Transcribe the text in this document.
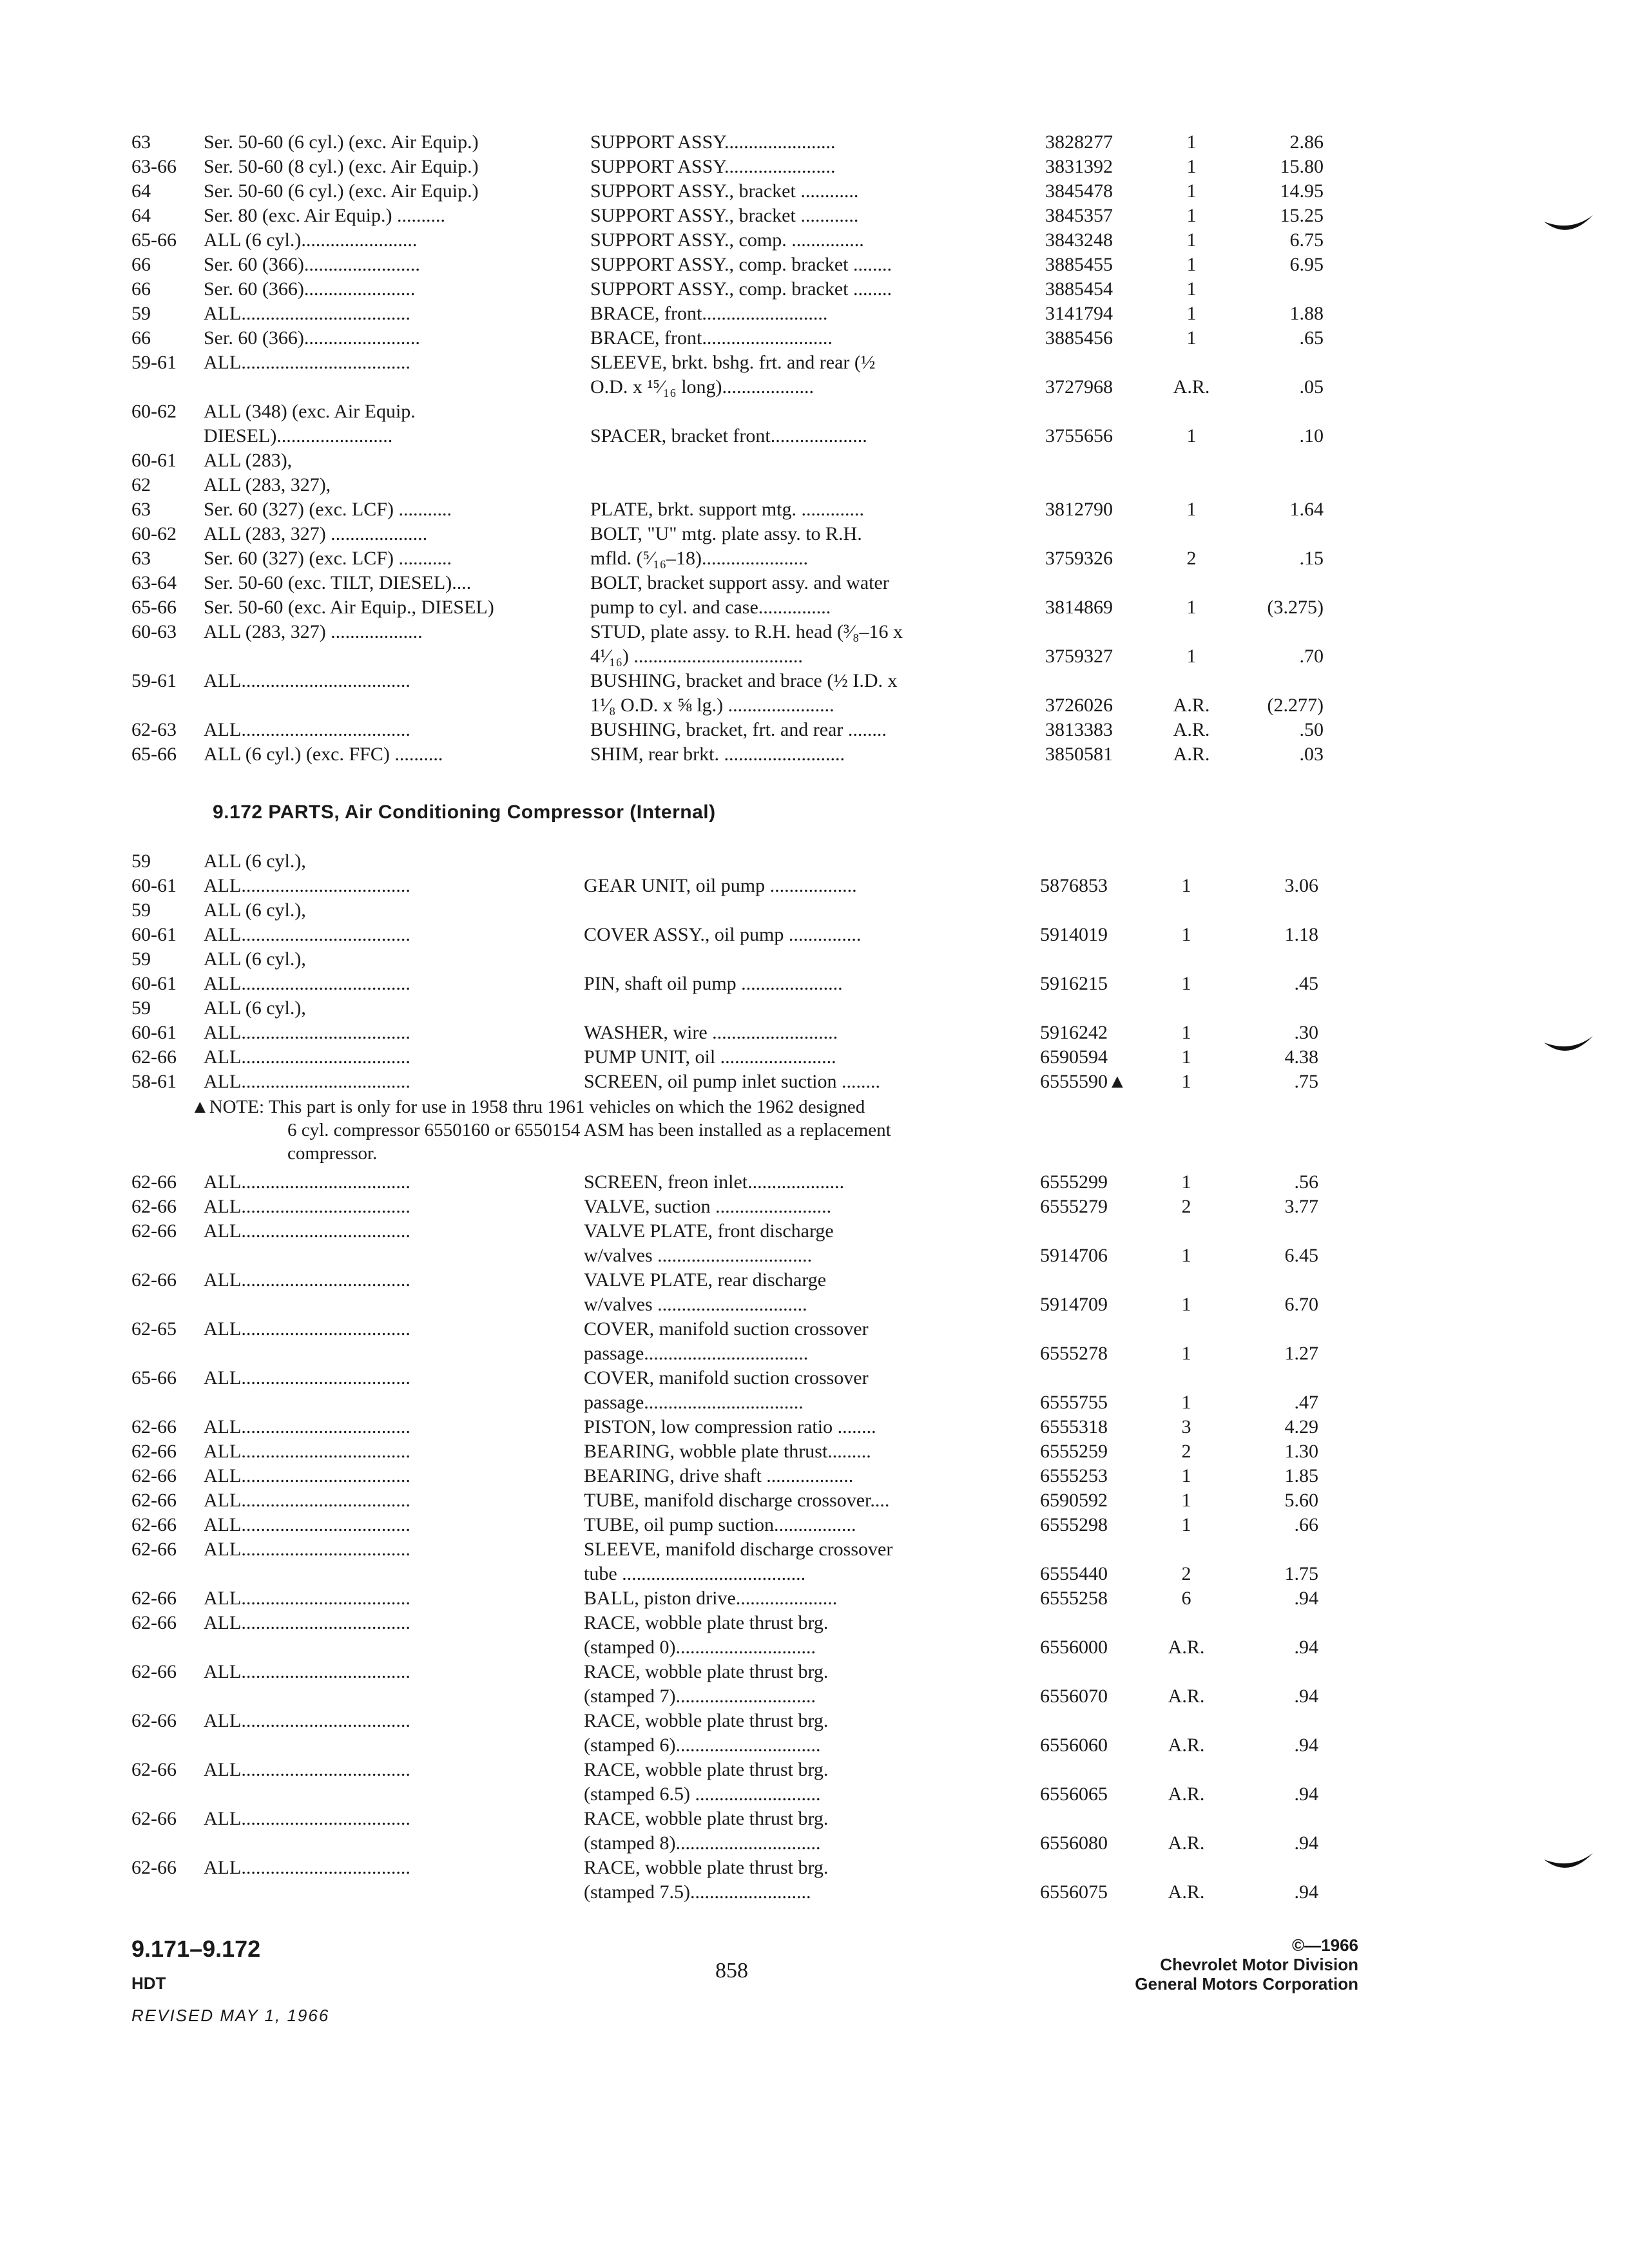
63	Ser. 50-60 (6 cyl.) (exc. Air Equip.)	SUPPORT ASSY.......................	3828277	1	2.86
63-66	Ser. 50-60 (8 cyl.) (exc. Air Equip.)	SUPPORT ASSY.......................	3831392	1	15.80
64	Ser. 50-60 (6 cyl.) (exc. Air Equip.)	SUPPORT ASSY., bracket ............	3845478	1	14.95
64	Ser. 80 (exc. Air Equip.) ..........	SUPPORT ASSY., bracket ............	3845357	1	15.25
65-66	ALL (6 cyl.)........................	SUPPORT ASSY., comp. ...............	3843248	1	6.75
66	Ser. 60 (366)........................	SUPPORT ASSY., comp. bracket ........	3885455	1	6.95
66	Ser. 60 (366).......................	SUPPORT ASSY., comp. bracket ........	3885454	1
59	ALL...................................	BRACE, front..........................	3141794	1	1.88
66	Ser. 60 (366)........................	BRACE, front...........................	3885456	1	.65
59-61	ALL...................................	SLEEVE, brkt. bshg. frt. and rear (½
O.D. x ¹⁵⁄₁₆ long)...................	3727968	A.R.	.05
60-62	ALL (348) (exc. Air Equip.
DIESEL)........................	SPACER, bracket front....................	3755656	1	.10
60-61	ALL (283),
62	ALL (283, 327),
63	Ser. 60 (327) (exc. LCF) ...........	PLATE, brkt. support mtg. .............	3812790	1	1.64
60-62	ALL (283, 327) ....................	BOLT, "U" mtg. plate assy. to R.H.
63	Ser. 60 (327) (exc. LCF) ...........	mfld. (⁵⁄₁₆–18)......................	3759326	2	.15
63-64	Ser. 50-60 (exc. TILT, DIESEL)....	BOLT, bracket support assy. and water
65-66	Ser. 50-60 (exc. Air Equip., DIESEL)	pump to cyl. and case...............	3814869	1	(3.275)
60-63	ALL (283, 327) ...................	STUD, plate assy. to R.H. head (³⁄₈–16 x
4¹⁄₁₆) ...................................	3759327	1	.70
59-61	ALL...................................	BUSHING, bracket and brace (½ I.D. x
1¹⁄₈ O.D. x ⅝ lg.) ......................	3726026	A.R.	(2.277)
62-63	ALL...................................	BUSHING, bracket, frt. and rear ........	3813383	A.R.	.50
65-66	ALL (6 cyl.) (exc. FFC) ..........	SHIM, rear brkt. .........................	3850581	A.R.	.03
9.172 PARTS, Air Conditioning Compressor (Internal)
59	ALL (6 cyl.),
60-61	ALL...................................	GEAR UNIT, oil pump ..................	5876853	1	3.06
59	ALL (6 cyl.),
60-61	ALL...................................	COVER ASSY., oil pump ...............	5914019	1	1.18
59	ALL (6 cyl.),
60-61	ALL...................................	PIN, shaft oil pump .....................	5916215	1	.45
59	ALL (6 cyl.),
60-61	ALL...................................	WASHER, wire ..........................	5916242	1	.30
62-66	ALL...................................	PUMP UNIT, oil ........................	6590594	1	4.38
58-61	ALL...................................	SCREEN, oil pump inlet suction ........	6555590▲	1	.75
▲NOTE: This part is only for use in 1958 thru 1961 vehicles on which the 1962 designed
6 cyl. compressor 6550160 or 6550154 ASM has been installed as a replacement
compressor.
62-66	ALL...................................	SCREEN, freon inlet....................	6555299	1	.56
62-66	ALL...................................	VALVE, suction ........................	6555279	2	3.77
62-66	ALL...................................	VALVE PLATE, front discharge
w/valves ................................	5914706	1	6.45
62-66	ALL...................................	VALVE PLATE, rear discharge
w/valves ...............................	5914709	1	6.70
62-65	ALL...................................	COVER, manifold suction crossover
passage..................................	6555278	1	1.27
65-66	ALL...................................	COVER, manifold suction crossover
passage.................................	6555755	1	.47
62-66	ALL...................................	PISTON, low compression ratio ........	6555318	3	4.29
62-66	ALL...................................	BEARING, wobble plate thrust.........	6555259	2	1.30
62-66	ALL...................................	BEARING, drive shaft ..................	6555253	1	1.85
62-66	ALL...................................	TUBE, manifold discharge crossover....	6590592	1	5.60
62-66	ALL...................................	TUBE, oil pump suction.................	6555298	1	.66
62-66	ALL...................................	SLEEVE, manifold discharge crossover
tube ......................................	6555440	2	1.75
62-66	ALL...................................	BALL, piston drive.....................	6555258	6	.94
62-66	ALL...................................	RACE, wobble plate thrust brg.
(stamped 0).............................	6556000	A.R.	.94
62-66	ALL...................................	RACE, wobble plate thrust brg.
(stamped 7).............................	6556070	A.R.	.94
62-66	ALL...................................	RACE, wobble plate thrust brg.
(stamped 6)..............................	6556060	A.R.	.94
62-66	ALL...................................	RACE, wobble plate thrust brg.
(stamped 6.5) ..........................	6556065	A.R.	.94
62-66	ALL...................................	RACE, wobble plate thrust brg.
(stamped 8)..............................	6556080	A.R.	.94
62-66	ALL...................................	RACE, wobble plate thrust brg.
(stamped 7.5).........................	6556075	A.R.	.94
9.171–9.172
HDT
REVISED MAY 1, 1966
858
©—1966
Chevrolet Motor Division
General Motors Corporation
